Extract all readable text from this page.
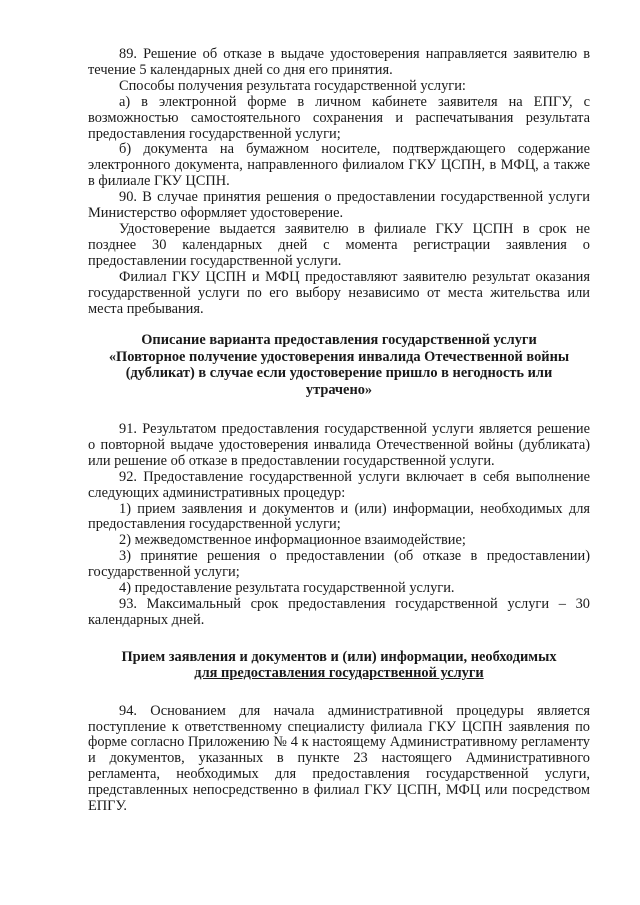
89. Решение об отказе в выдаче удостоверения направляется заявителю в течение 5 календарных дней со дня его принятия.

Способы получения результата государственной услуги:

а) в электронной форме в личном кабинете заявителя на ЕПГУ, с возможностью самостоятельного сохранения и распечатывания результата предоставления государственной услуги;

б) документа на бумажном носителе, подтверждающего содержание электронного документа, направленного филиалом ГКУ ЦСПН, в МФЦ, а также в филиале ГКУ ЦСПН.

90. В случае принятия решения о предоставлении государственной услуги Министерство оформляет удостоверение.

Удостоверение выдается заявителю в филиале ГКУ ЦСПН в срок не позднее 30 календарных дней с момента регистрации заявления о предоставлении государственной услуги.

Филиал ГКУ ЦСПН и МФЦ предоставляют заявителю результат оказания государственной услуги по его выбору независимо от места жительства или места пребывания.

Описание варианта предоставления государственной услуги
«Повторное получение удостоверения инвалида Отечественной войны
(дубликат) в случае если удостоверение пришло в негодность или
утрачено»

91. Результатом предоставления государственной услуги является решение о повторной выдаче удостоверения инвалида Отечественной войны (дубликата) или решение об отказе в предоставлении государственной услуги.

92. Предоставление государственной услуги включает в себя выполнение следующих административных процедур:

1) прием заявления и документов и (или) информации, необходимых для предоставления государственной услуги;

2) межведомственное информационное взаимодействие;

3) принятие решения о предоставлении (об отказе в предоставлении) государственной услуги;

4) предоставление результата государственной услуги.

93. Максимальный срок предоставления государственной услуги – 30 календарных дней.

Прием заявления и документов и (или) информации, необходимых
для предоставления государственной услуги

94. Основанием для начала административной процедуры является поступление к ответственному специалисту филиала ГКУ ЦСПН заявления по форме согласно Приложению № 4 к настоящему Административному регламенту и документов, указанных в пункте 23 настоящего Административного регламента, необходимых для предоставления государственной услуги, представленных непосредственно в филиал ГКУ ЦСПН, МФЦ или посредством ЕПГУ.
